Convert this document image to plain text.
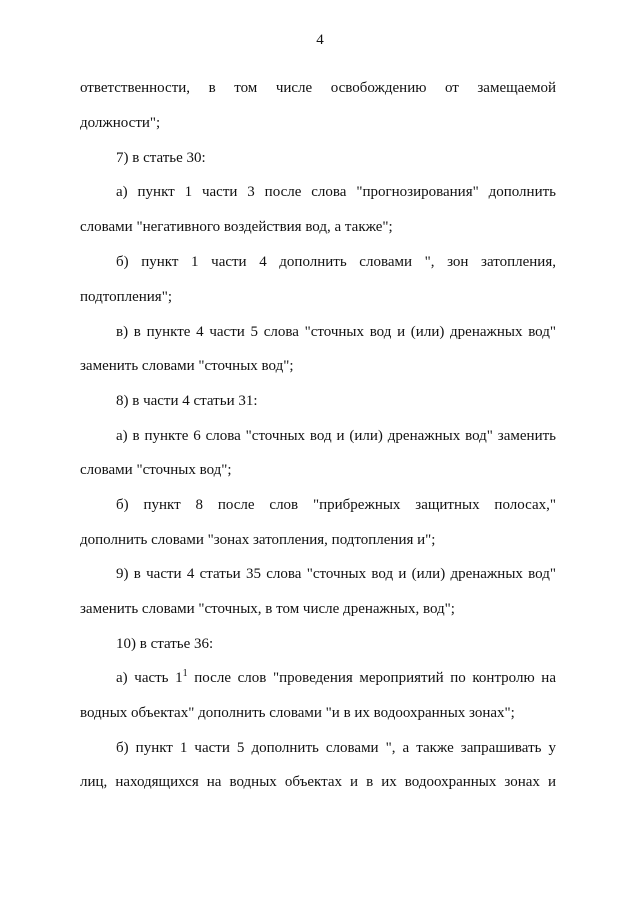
4
ответственности, в том числе освобождению от замещаемой
должности";
7) в статье 30:
а) пункт 1 части 3 после слова "прогнозирования" дополнить
словами "негативного воздействия вод, а также";
б) пункт 1 части 4 дополнить словами ", зон затопления,
подтопления";
в) в пункте 4 части 5 слова "сточных вод и (или) дренажных вод"
заменить словами "сточных вод";
8) в части 4 статьи 31:
а) в пункте 6 слова "сточных вод и (или) дренажных вод" заменить
словами "сточных вод";
б) пункт 8 после слов "прибрежных защитных полосах,"
дополнить словами "зонах затопления, подтопления и";
9) в части 4 статьи 35 слова "сточных вод и (или) дренажных вод"
заменить словами "сточных, в том числе дренажных, вод";
10) в статье 36:
а) часть $1^1$ после слов "проведения мероприятий по контролю на
водных объектах" дополнить словами "и в их водоохранных зонах";
б) пункт 1 части 5 дополнить словами ", а также запрашивать у
лиц, находящихся на водных объектах и в их водоохранных зонах и
